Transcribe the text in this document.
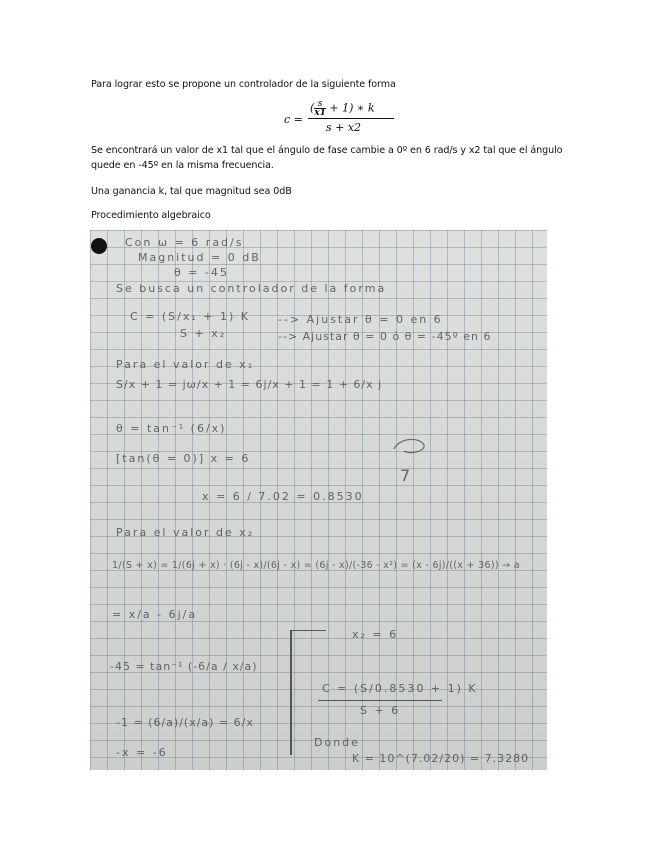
Para lograr esto se propone un controlador de la siguiente forma
c =
( $\frac{s}{x1} + 1$) ∗ k
s + x2
Se encontrará un valor de x1 tal que el ángulo de fase cambie a 0º en 6 rad/s y x2 tal que el ángulo quede en -45º en la misma frecuencia.
Una ganancia k, tal que magnitud sea 0dB
Procedimiento algebraico
Con ω = 6 rad/s
Magnitud = 0 dB
θ = -45
Se busca un controlador de la forma
C = (S/x₁ + 1) K	--> Ajustar θ = 0 en 6
S + x₂	--> Ajustar θ = 0 ó θ = -45º en 6
Para el valor de x₁
S/x + 1 = jω/x + 1 = 6j/x + 1 = 1 + 6/x j
θ = tan⁻¹ (6/x)
[tan(θ = 0)] x = 6
7
x = 6 / 7.02 = 0.8530
Para el valor de x₂
1/(S + x) = 1/(6j + x) · (6j - x)/(6j - x) = (6j - x)/(-36 - x²) = (x - 6j)/((x + 36)) → a
= x/a - 6j/a
-45 = tan⁻¹ (-6/a / x/a)
-1 = (6/a)/(x/a) = 6/x
-x = -6
x₂ = 6
C = (S/0.8530 + 1) K
S + 6
Donde
K = 10^(7.02/20) = 7.3280
